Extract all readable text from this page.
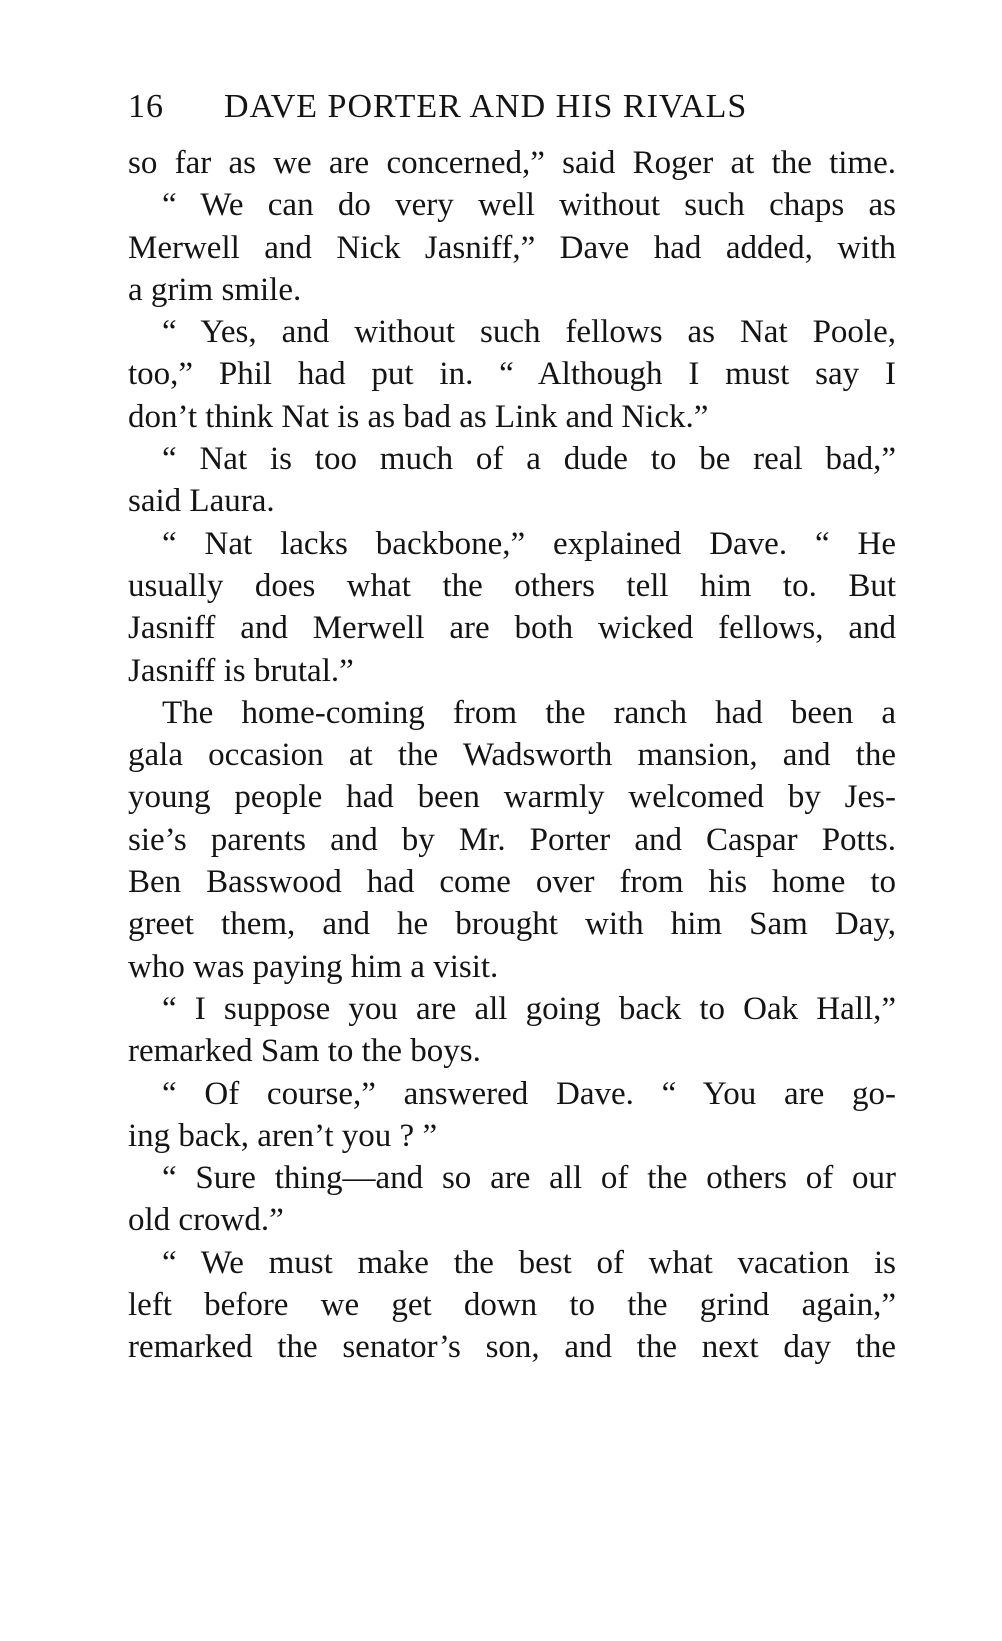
16 DAVE PORTER AND HIS RIVALS
so far as we are concerned,” said Roger at the time.
“ We can do very well without such chaps as
Merwell and Nick Jasniff,” Dave had added, with
a grim smile.
“ Yes, and without such fellows as Nat Poole,
too,” Phil had put in. “ Although I must say I
don’t think Nat is as bad as Link and Nick.”
“ Nat is too much of a dude to be real bad,”
said Laura.
“ Nat lacks backbone,” explained Dave. “ He
usually does what the others tell him to. But
Jasniff and Merwell are both wicked fellows, and
Jasniff is brutal.”
The home-coming from the ranch had been a
gala occasion at the Wadsworth mansion, and the
young people had been warmly welcomed by Jes-
sie’s parents and by Mr. Porter and Caspar Potts.
Ben Basswood had come over from his home to
greet them, and he brought with him Sam Day,
who was paying him a visit.
“ I suppose you are all going back to Oak Hall,”
remarked Sam to the boys.
“ Of course,” answered Dave. “ You are go-
ing back, aren’t you ? ”
“ Sure thing—and so are all of the others of our
old crowd.”
“ We must make the best of what vacation is
left before we get down to the grind again,”
remarked the senator’s son, and the next day the
